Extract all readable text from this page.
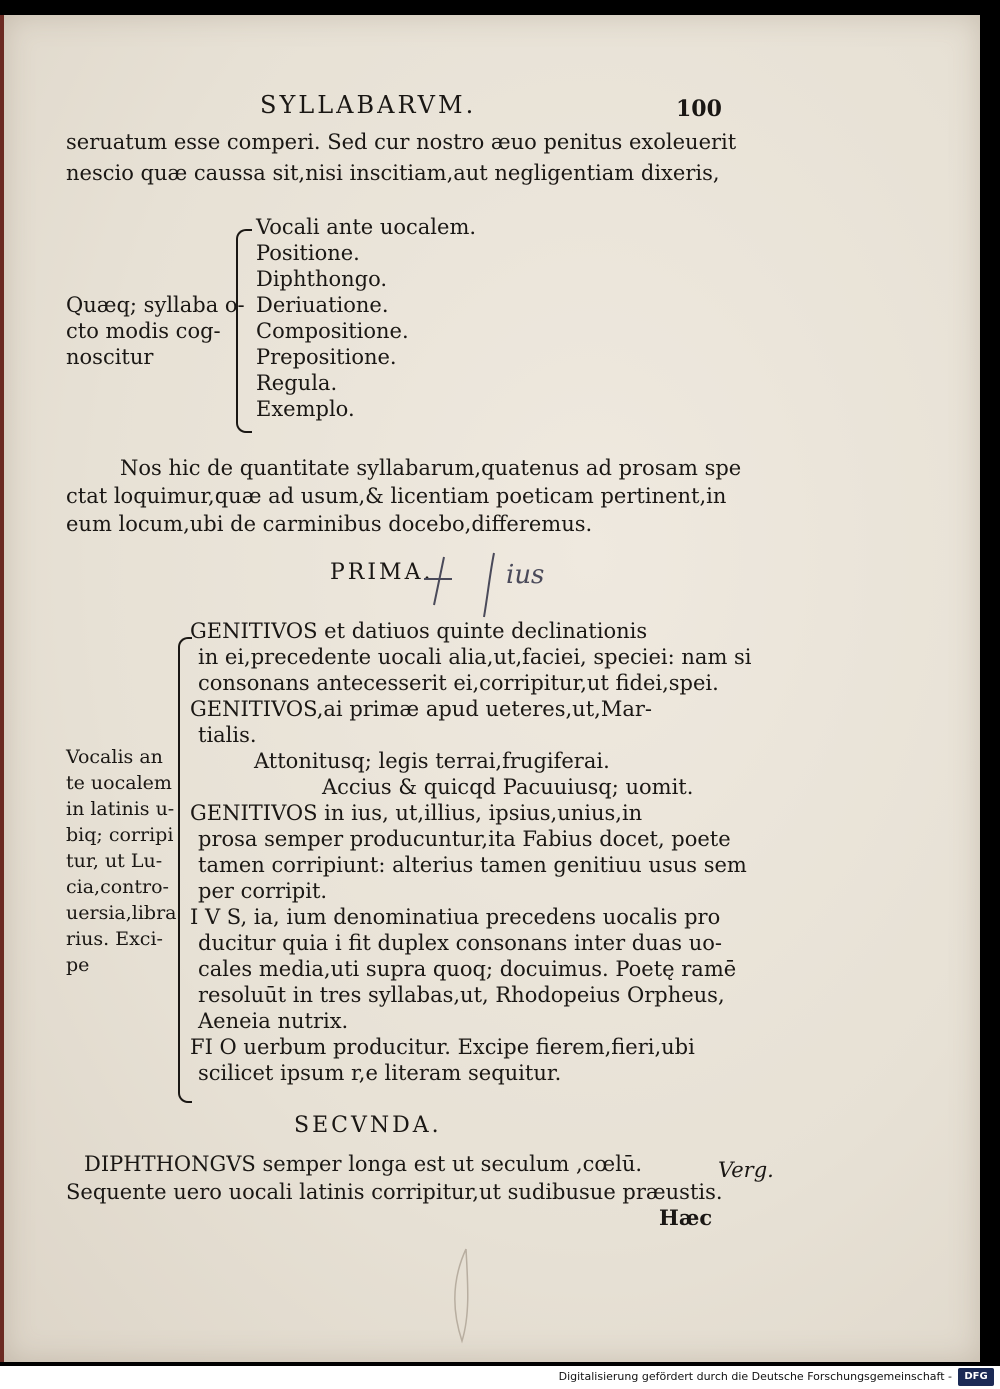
SYLLABARVM.	100
seruatum esse comperi. Sed cur nostro æuo penitus exoleuerit
nescio quæ caussa sit,nisi inscitiam,aut negligentiam dixeris,
Vocali ante uocalem.
Positione.
Diphthongo.
Deriuatione.
Compositione.
Prepositione.
Regula.
Exemplo.
Quæq; syllaba o-
cto modis cog-
noscitur
Nos hic de quantitate syllabarum,quatenus ad prosam spe
ctat loquimur,quæ ad usum,& licentiam poeticam pertinent,in
eum locum,ubi de carminibus docebo,differemus.
PRIMA.	ius
GENITIVOS et datiuos quinte declinationis
in ei,precedente uocali alia,ut,faciei, speciei: nam si
consonans antecesserit ei,corripitur,ut fidei,spei.
GENITIVOS,ai primæ apud ueteres,ut,Mar-
tialis.
Attonitusq; legis terrai,frugiferai.
Accius & quicqd Pacuuiusq; uomit.
GENITIVOS in ius, ut,illius, ipsius,unius,in
prosa semper producuntur,ita Fabius docet, poete
tamen corripiunt: alterius tamen genitiuu usus sem
per corripit.
I V S, ia, ium denominatiua precedens uocalis pro
ducitur quia i fit duplex consonans inter duas uo-
cales media,uti supra quoq; docuimus. Poetę ramē
resoluūt in tres syllabas,ut, Rhodopeius Orpheus,
Aeneia nutrix.
FI O uerbum producitur. Excipe fierem,fieri,ubi
scilicet ipsum r,e literam sequitur.
Vocalis an
te uocalem
in latinis u-
biq; corripi
tur, ut Lu-
cia,contro-
uersia,libra
rius. Exci-
pe
SECVNDA.
DIPHTHONGVS semper longa est ut seculum ,cœlū.
Sequente uero uocali latinis corripitur,ut sudibusue præustis.
Verg.
Hæc
Digitalisierung gefördert durch die Deutsche Forschungsgemeinschaft -	DFG
